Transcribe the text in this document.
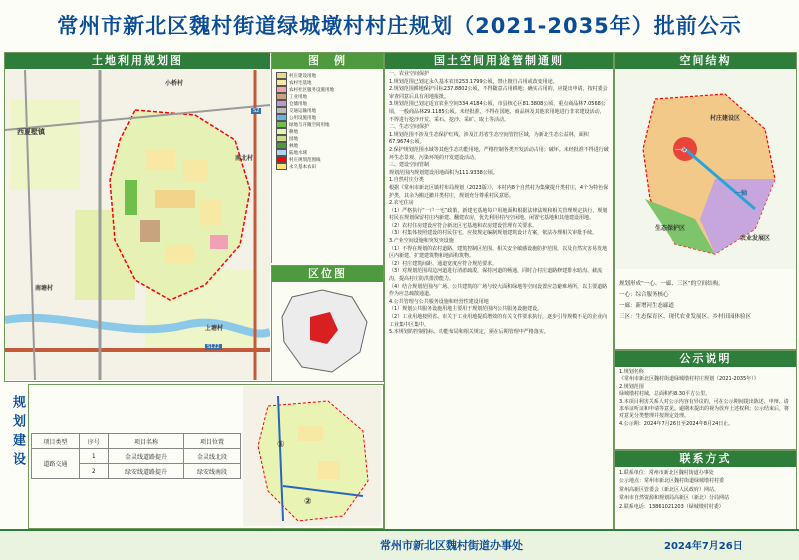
常州市新北区魏村街道绿城墩村村庄规划（2021-2035年）批前公示
土地利用规划图
西夏墅镇
小桥村
南北村
南塘村
上塘村
S122
S2
图　例
村庄建设用地
农村宅基地
农村社区服务设施用地
工业用地
仓储用地
交通运输用地
公用设施用地
绿地与开敞空间用地
耕地
园地
林地
陆地水域
村庄规划范围线
永久基本农田
区位图
国土空间用途管制通则
一、农业空间保护
1.规划范围已划定永久基本农田253.1799公顷，禁止擅自占用或改变用途。
2.规划范围耕地保护目标237.8802公顷，不得随意占用耕地；确实占用的，应提出申请，按村委会审查同意后具有用地报批。
3.规划范围已划定适宜农业空间334.4184公顷，市县核心区81.3808公顷，重点商品林7.0568公顷，一般商品林29.1185公顷。未经批准，不得在国地、商品林及其他农用地进行非农建设活动，不得进行挖沙开荒、采石、挖沙、采矿、取土等活动。
二、生态空间保护
1.规划范围不涉及生态保护红线，涉及江苏省生态空间管控区域，为新北生态公益林，面积67.9674公顷。
2.保护规划范围水域等其他生态功能用地，严格控制各类开发活动占用；破坏。未经批准不得进行破坏生态景观、污染环境的开发建设活动。
三、建设空间管制
规划范围内规划建设用地面积为111.9338公顷。
1.自然村庄分类
根据《常州市新北区镇村布局规划（2023版）》，本村内8个自然村为集聚提升类村庄，4个为特色保护类，其余为搬迁撤并类村庄，规划充分尊重村民意愿。
2.农宅住房
（1）严格执行“一户一宅”政策，新建宅基地每户用地面积根据法律法规和相关管理规定执行，规划村民在规划保留村庄内新建、翻建农房，优先利用村内空闲地、闲置宅基地和其他建设用地。
（2）农村住房建设应符合新北区宅基地和农房建设管理有关要求。
（3）村集体按照建设的村民住宅，应按规定编制规划建筑设计方案，依法办理相关审批手续。
3.产业空间设施和突发突设施
（1）不得在规划的农村道路、建筑控制区范围、相关安全敏感设施防护范围，以及自然灾害易发地区内新建、扩建建筑物和地面构筑物。
（2）村庄建筑间距、通道宽度应符合规范要求。
（3）对规划范围周边河道进行清淤疏浚，保持河道的畅通，同时合村庄道路修建排水暗沟、截流沟，提高村庄防洪排涝能力。
（4）结合规划范围内广场、公共建筑的广场与较大面积绿地等空间设置应急避难场所，以主要道路作为应急疏散通道。
4.公共管理与公共服务设施和经营性建设用地
（1）规划公共服务设施用地主要用于规划范围内公共服务设施建设。
（2）工业用地按照省、市关于工业用地提质增效的有关文件要求执行，逐步引导规模不足的企业向工业集中区集中。
5.本规划的控制指标、功能布局和相关规定，须在后期管理中严格落实。
空间结构
一心
一轴
生态保护区
农业发展区
村庄建设区
规划形成“一心、一廊、三区”的空间结构。
一心：综合服务核心
一廊：新增河生态廊道
三区：生态保育区、现代农业发展区、乡村田园体验区
规划建设	项目类型	序号	项目名称	项目位置
道路交通	1	金灵线道路提升	金灵线北段
	2	绿安线道路提升	绿安线南段
①
②
公示说明
1.规划名称
《常州市新北区魏村街道绿城墩村村庄规划（2021-2035年）》
2.规划范围
绿城墩村村域，总面积约8.30平方公里。
3.本项目利害关系人对公示内容有异议的，可在公示期间提出陈述、申辩、请求举证听证和申请等意见。逾期未提出的视为放弃上述权利；公示结束后，将对意见分类整理并按规定处理。
4.公示期：2024年7月26日至2024年8月24日止。
联系方式
1.联系单位：常州市新北区魏村街道办事处
公示地点：常州市新北区魏村街道绿城墩村村委
常州高新区管委会（新北区人民政府）网站、
常州市自然资源和规划局高新区（新北）分局网站
2.联系电话：13861021203（绿城墩村村委）
常州市新北区魏村街道办事处	2024年7月26日
